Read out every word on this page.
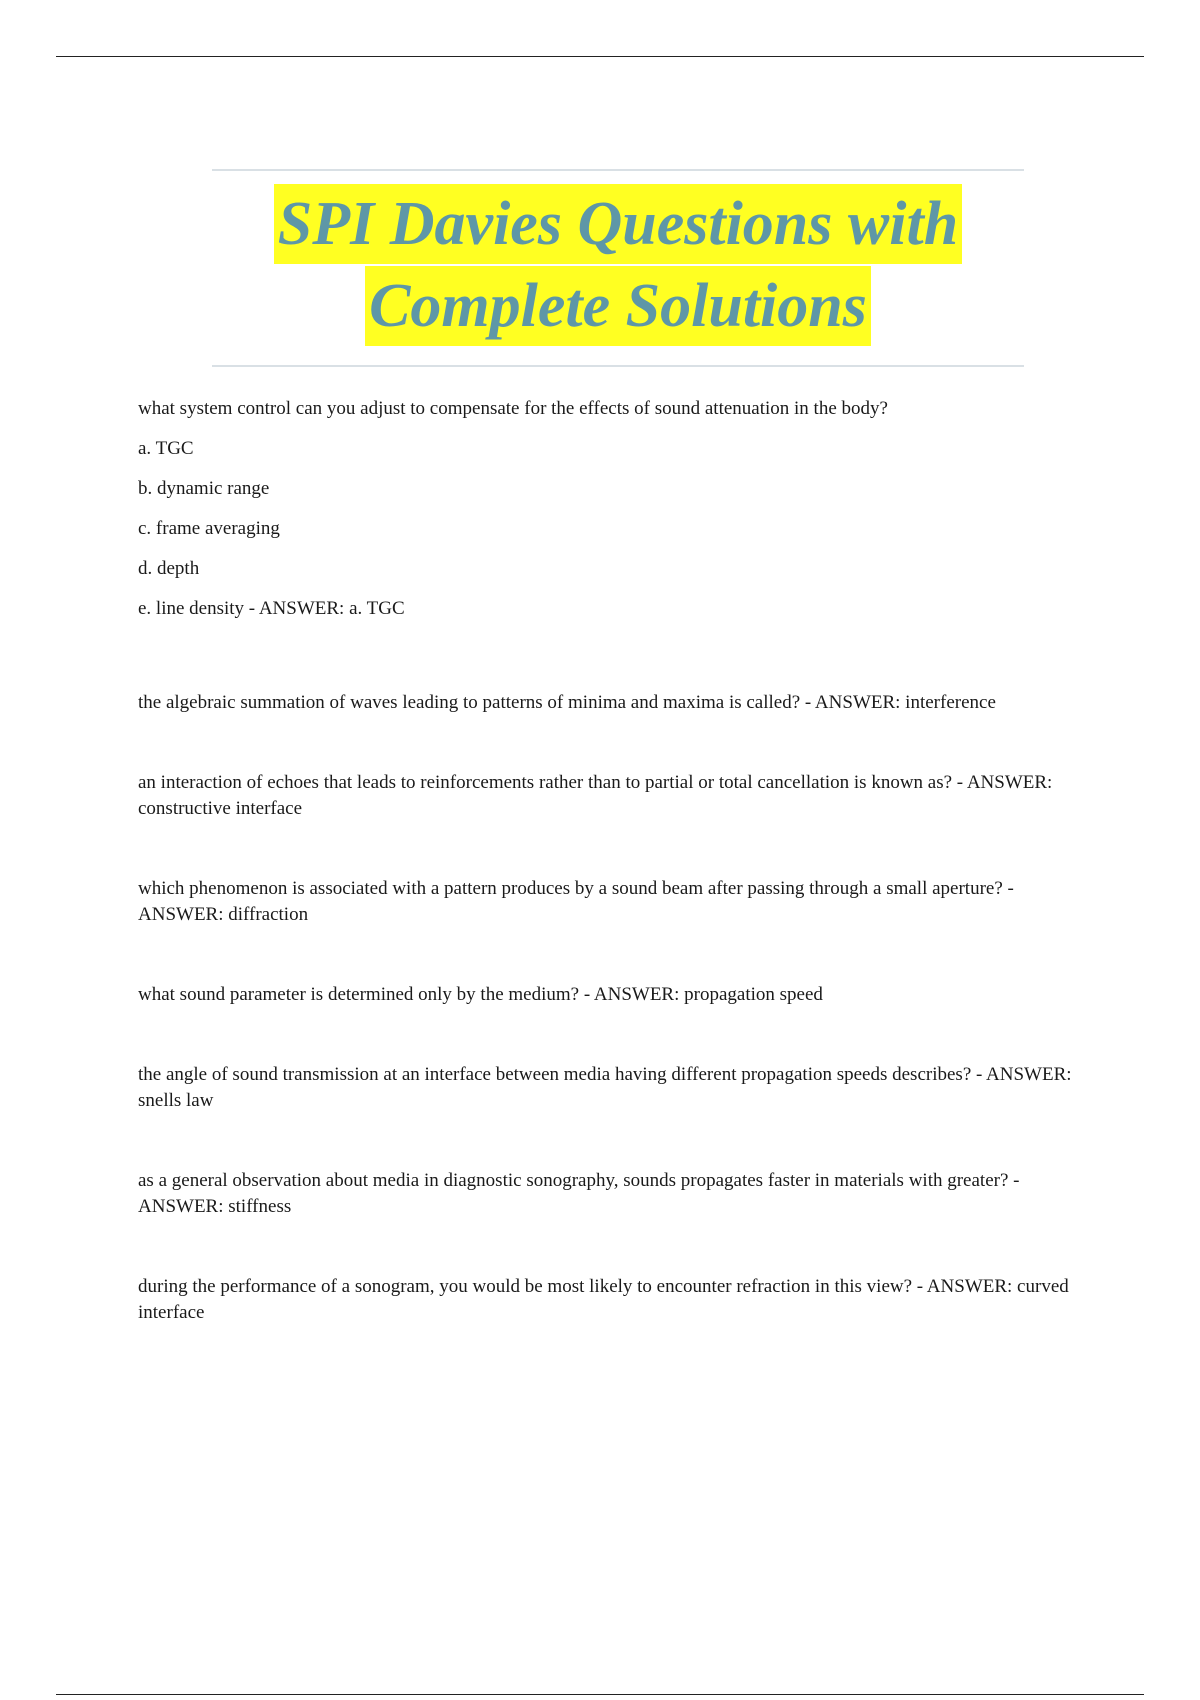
SPI Davies Questions with
Complete Solutions

what system control can you adjust to compensate for the effects of sound attenuation in the body?

a. TGC

b. dynamic range

c. frame averaging

d. depth

e. line density - ANSWER: a. TGC

the algebraic summation of waves leading to patterns of minima and maxima is called? - ANSWER: interference

an interaction of echoes that leads to reinforcements rather than to partial or total cancellation is known as? - ANSWER: constructive interface

which phenomenon is associated with a pattern produces by a sound beam after passing through a small aperture? - ANSWER: diffraction

what sound parameter is determined only by the medium? - ANSWER: propagation speed

the angle of sound transmission at an interface between media having different propagation speeds describes? - ANSWER: snells law

as a general observation about media in diagnostic sonography, sounds propagates faster in materials with greater? - ANSWER: stiffness

during the performance of a sonogram, you would be most likely to encounter refraction in this view? - ANSWER: curved interface
